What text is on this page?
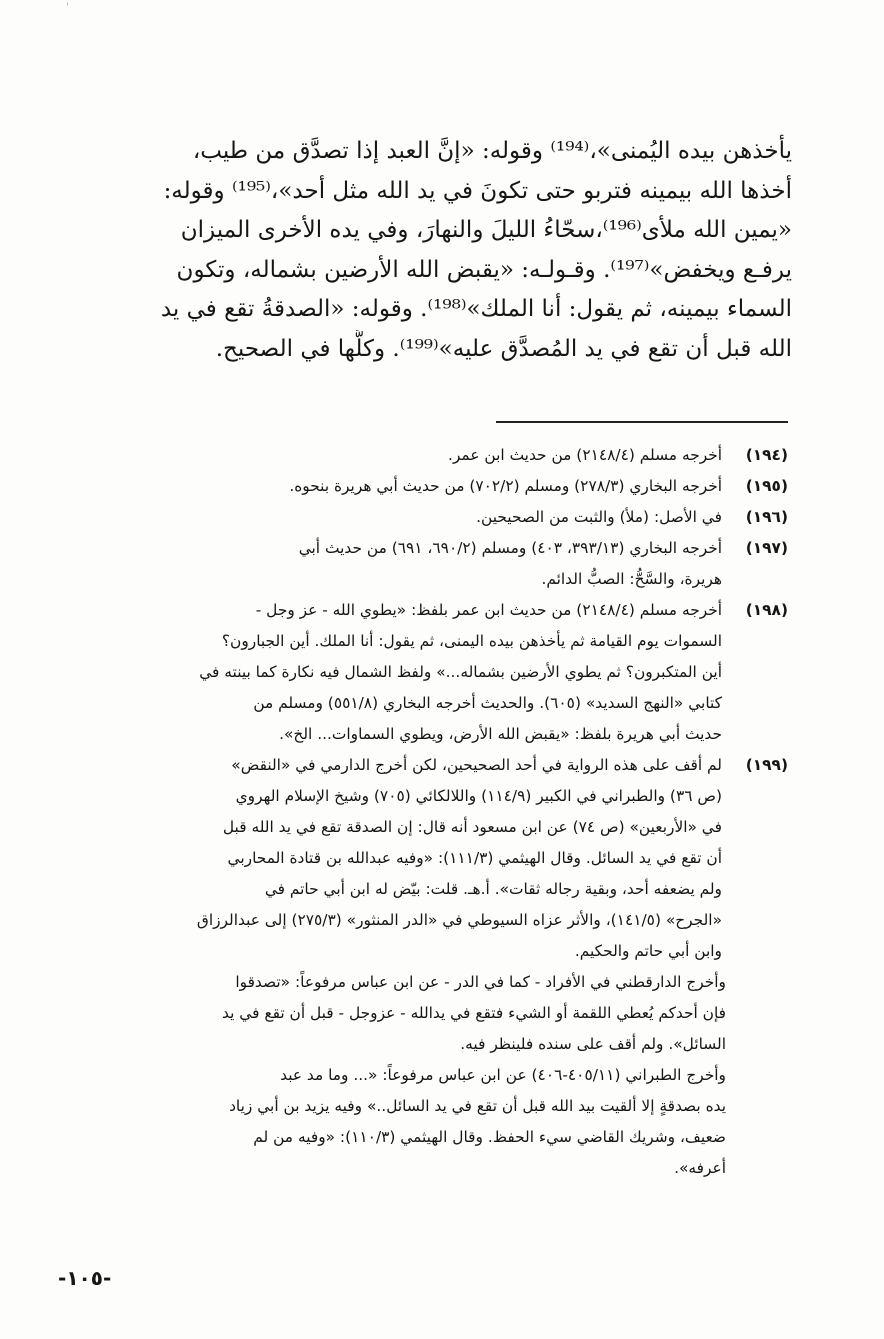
'
يأخذهن بيده اليُمنى»،⁽¹⁹⁴⁾ وقوله: «إنَّ العبد إذا تصدَّق من طيب،
أخذها الله بيمينه فتربو حتى تكونَ في يد الله مثل أحد»،⁽¹⁹⁵⁾ وقوله:
«يمين الله ملأى⁽¹⁹⁶⁾،سحّاءُ الليلَ والنهارَ، وفي يده الأخرى الميزان
يرفـع ويخفض»⁽¹⁹⁷⁾. وقـولـه: «يقبض الله الأرضين بشماله، وتكون
السماء بيمينه، ثم يقول: أنا الملك»⁽¹⁹⁸⁾. وقوله: «الصدقةُ تقع في يد
الله قبل أن تقع في يد المُصدَّق عليه»⁽¹⁹⁹⁾. وكلُّها في الصحيح.
(١٩٤)
أخرجه مسلم (٢١٤٨/٤) من حديث ابن عمر.
(١٩٥)
أخرجه البخاري (٢٧٨/٣) ومسلم (٧٠٢/٢) من حديث أبي هريرة بنحوه.
(١٩٦)
في الأصل: (ملأ) والثبت من الصحيحين.
(١٩٧)
أخرجه البخاري (٣٩٣/١٣، ٤٠٣) ومسلم (٦٩٠/٢، ٦٩١) من حديث أبي
هريرة، والسَّحُّ: الصبُّ الدائم.
(١٩٨)
أخرجه مسلم (٢١٤٨/٤) من حديث ابن عمر بلفظ: «يطوي الله - عز وجل -
السموات يوم القيامة ثم يأخذهن بيده اليمنى، ثم يقول: أنا الملك. أين الجبارون؟
أين المتكبرون؟ ثم يطوي الأرضين بشماله...» ولفظ الشمال فيه نكارة كما بينته في
كتابي «النهج السديد» (٦٠٥). والحديث أخرجه البخاري (٥٥١/٨) ومسلم من
حديث أبي هريرة بلفظ: «يقبض الله الأرض، ويطوي السماوات... الخ».
(١٩٩)
لم أقف على هذه الرواية في أحد الصحيحين، لكن أخرج الدارمي في «النقض»
(ص ٣٦) والطبراني في الكبير (١١٤/٩) واللالكائي (٧٠٥) وشيخ الإسلام الهروي
في «الأربعين» (ص ٧٤) عن ابن مسعود أنه قال: إن الصدقة تقع في يد الله قبل
أن تقع في يد السائل. وقال الهيثمي (١١١/٣): «وفيه عبدالله بن قتادة المحاربي
ولم يضعفه أحد، وبقية رجاله ثقات». أ.هـ. قلت: بيّض له ابن أبي حاتم في
«الجرح» (١٤١/٥)، والأثر عزاه السيوطي في «الدر المنثور» (٢٧٥/٣) إلى عبدالرزاق
وابن أبي حاتم والحكيم.
وأخرج الدارقطني في الأفراد - كما في الدر - عن ابن عباس مرفوعاً: «تصدقوا
فإن أحدكم يُعطي اللقمة أو الشيء فتقع في يدالله - عزوجل - قبل أن تقع في يد
السائل». ولم أقف على سنده فلينظر فيه.
وأخرج الطبراني (٤٠٥/١١-٤٠٦) عن ابن عباس مرفوعاً: «... وما مد عبد
يده بصدقةٍ إلا ألقيت بيد الله قبل أن تقع في يد السائل..» وفيه يزيد بن أبي زياد
ضعيف، وشريك القاضي سيء الحفظ. وقال الهيثمي (١١٠/٣): «وفيه من لم
أعرفه».
-١٠٥-
